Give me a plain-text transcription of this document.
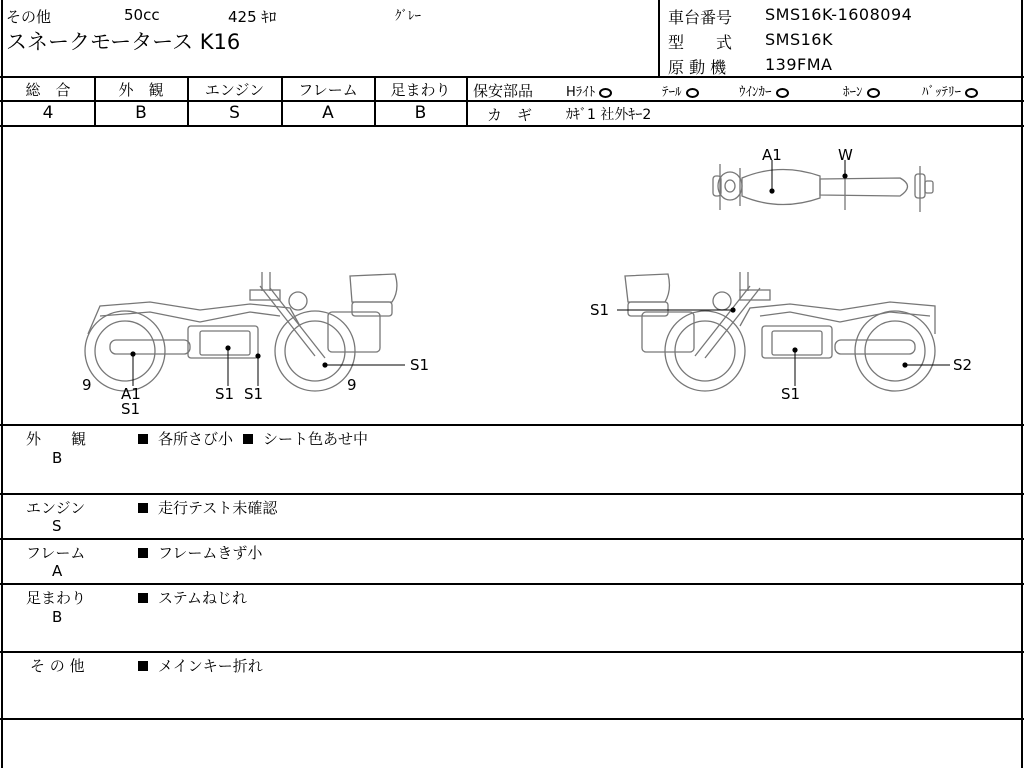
その他	50cc	425 ｷﾛ	ｸﾞﾚｰ
スネークモータース K16
車台番号 SMS16K-1608094
型　　式 SMS16K
原 動 機 139FMA
総　合
4
外　観
B
エンジン
S
フレーム
A
足まわり
B
保安部品	Hﾗｲﾄ	ﾃｰﾙ	ｳｲﾝｶｰ	ﾎｰﾝ	ﾊﾞｯﾃﾘｰ
カ　ギ ｶｷﾞ1 社外ｷｰ2
A1	W
9 A1
S1
S1 S1	9
S1
S1
S1
S2
外　　観
B
各所さび小 シート色あせ中
エンジン
S
走行テスト未確認
フレーム
A
フレームきず小
足まわり
B
ステムねじれ
そ の 他	メインキー折れ
